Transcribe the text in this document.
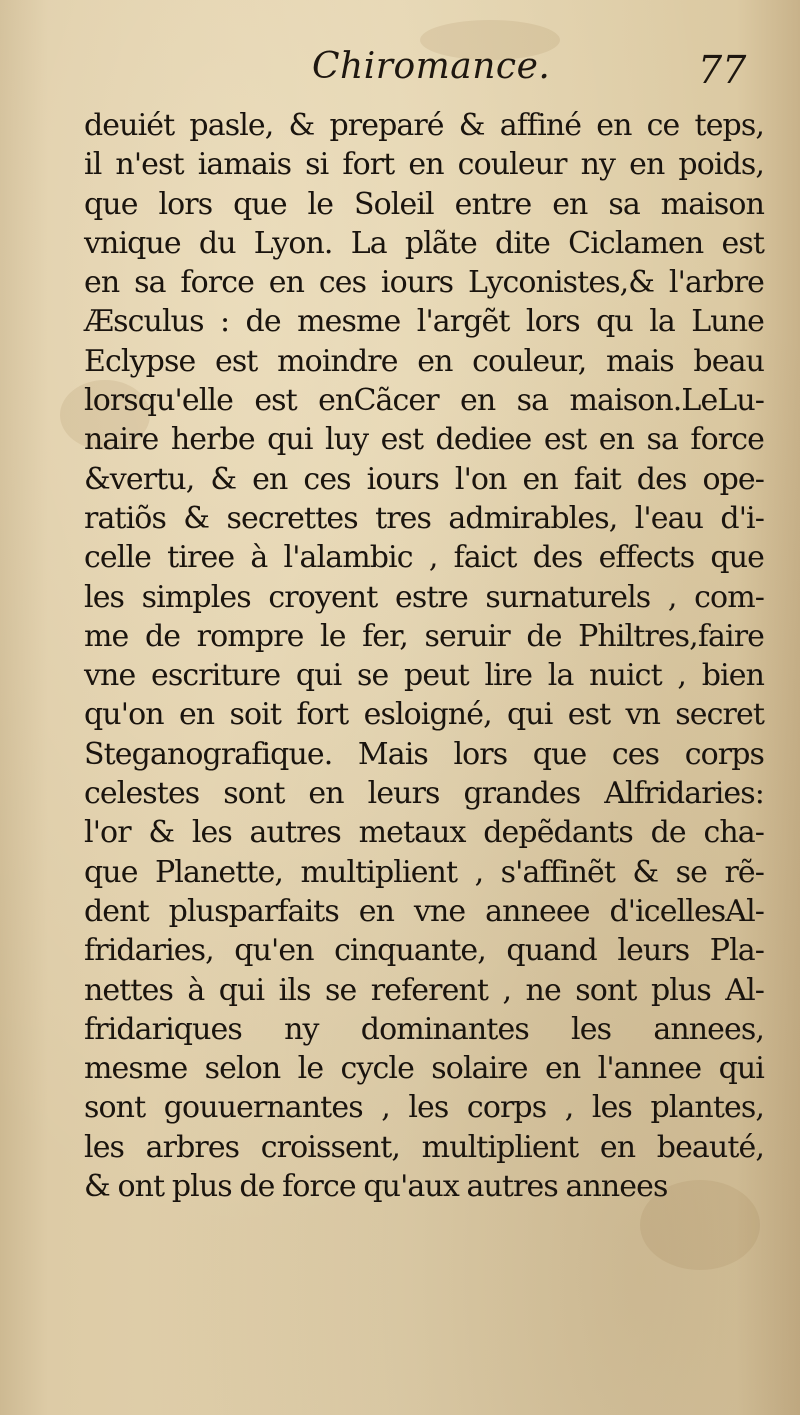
Chiromance.	77
deuiét pasle, & preparé & affiné en ce teps,
il n'est iamais si fort en couleur ny en poids,
que lors que le Soleil entre en sa maison
vnique du Lyon. La plãte dite Ciclamen est
en sa force en ces iours Lyconistes,& l'arbre
Æsculus : de mesme l'argẽt lors qu la Lune
Eclypse est moindre en couleur, mais beau
lorsqu'elle est enCãcer en sa maison.LeLu-
naire herbe qui luy est dediee est en sa force
&vertu, & en ces iours l'on en fait des ope-
ratiõs & secrettes tres admirables, l'eau d'i-
celle tiree à l'alambic , faict des effects que
les simples croyent estre surnaturels , com-
me de rompre le fer, seruir de Philtres,faire
vne escriture qui se peut lire la nuict , bien
qu'on en soit fort esloigné, qui est vn secret
Steganografique. Mais lors que ces corps
celestes sont en leurs grandes Alfridaries:
l'or & les autres metaux depẽdants de cha-
que Planette, multiplient , s'affinẽt & se rẽ-
dent plusparfaits en vne anneee d'icellesAl-
fridaries, qu'en cinquante, quand leurs Pla-
nettes à qui ils se referent , ne sont plus Al-
fridariques ny dominantes les annees,
mesme selon le cycle solaire en l'annee qui
sont gouuernantes , les corps , les plantes,
les arbres croissent, multiplient en beauté,
& ont plus de force qu'aux autres annees
